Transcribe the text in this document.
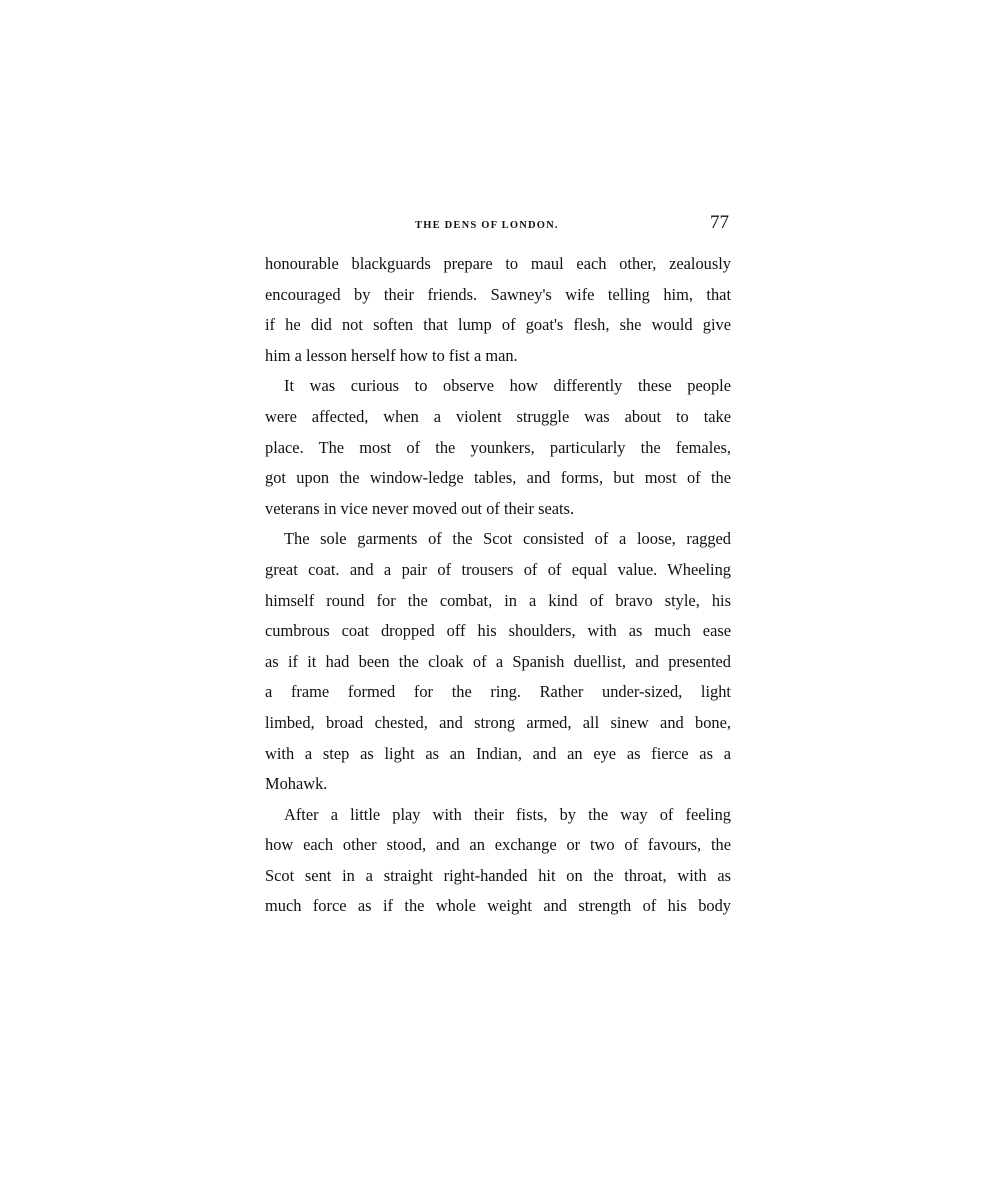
THE DENS OF LONDON.	77

honourable blackguards prepare to maul each other, zealously
encouraged by their friends. Sawney's wife telling him, that
if he did not soften that lump of goat's flesh, she would give
him a lesson herself how to fist a man.

It was curious to observe how differently these people
were affected, when a violent struggle was about to take
place. The most of the younkers, particularly the females,
got upon the window-ledge tables, and forms, but most of the
veterans in vice never moved out of their seats.

The sole garments of the Scot consisted of a loose, ragged
great coat. and a pair of trousers of of equal value. Wheeling
himself round for the combat, in a kind of bravo style, his
cumbrous coat dropped off his shoulders, with as much ease
as if it had been the cloak of a Spanish duellist, and presented
a frame formed for the ring. Rather under-sized, light
limbed, broad chested, and strong armed, all sinew and bone,
with a step as light as an Indian, and an eye as fierce as a
Mohawk.

After a little play with their fists, by the way of feeling
how each other stood, and an exchange or two of favours, the
Scot sent in a straight right-handed hit on the throat, with as
much force as if the whole weight and strength of his body
